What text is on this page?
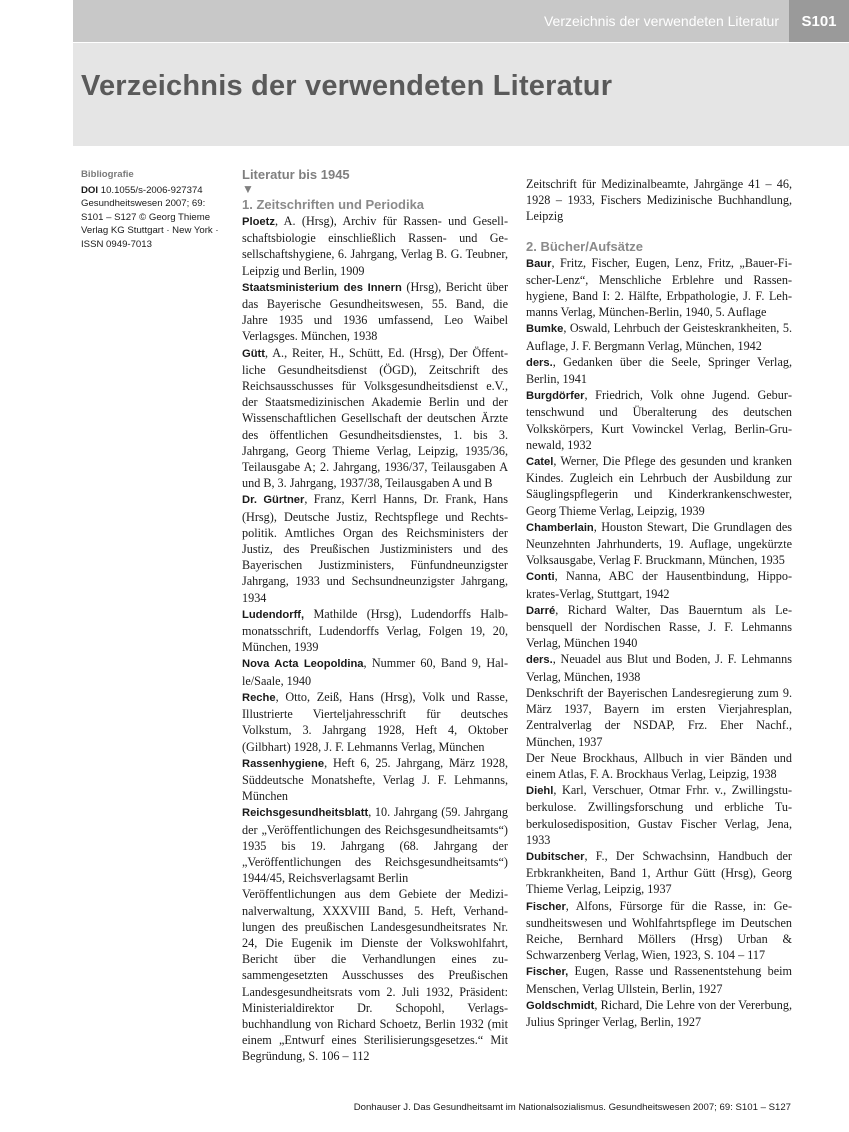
Verzeichnis der verwendeten Literatur	S101
Verzeichnis der verwendeten Literatur
Bibliografie
DOI 10.1055/s-2006-927374
Gesundheitswesen 2007; 69:
S101 – S127 © Georg Thieme
Verlag KG Stuttgart · New York ·
ISSN 0949-7013
Literatur bis 1945
▼
1. Zeitschriften und Periodika

Ploetz, A. (Hrsg), Archiv für Rassen- und Gesellschaftsbiologie einschließlich Rassen- und Gesellschaftshygiene, 6. Jahrgang, Verlag B. G. Teubner, Leipzig und Berlin, 1909

Staatsministerium des Innern (Hrsg), Bericht über das Bayerische Gesundheitswesen, 55. Band, die Jahre 1935 und 1936 umfassend, Leo Waibel Verlagsges. München, 1938

Gütt, A., Reiter, H., Schütt, Ed. (Hrsg), Der Öffentliche Gesundheitsdienst (ÖGD), Zeitschrift des Reichsausschusses für Volksgesundheitsdienst e.V., der Staatsmedizinischen Akademie Berlin und der Wissenschaftlichen Gesellschaft der deutschen Ärzte des öffentlichen Gesundheitsdienstes, 1. bis 3. Jahrgang, Georg Thieme Verlag, Leipzig, 1935/36, Teilausgabe A; 2. Jahrgang, 1936/37, Teilausgaben A und B, 3. Jahrgang, 1937/38, Teilausgaben A und B

Dr. Gürtner, Franz, Kerrl Hanns, Dr. Frank, Hans (Hrsg), Deutsche Justiz, Rechtspflege und Rechtspolitik. Amtliches Organ des Reichsministers der Justiz, des Preußischen Justizministers und des Bayerischen Justizministers, Fünfundneunzigster Jahrgang, 1933 und Sechsundneunzigster Jahrgang, 1934

Ludendorff, Mathilde (Hrsg), Ludendorffs Halbmonatsschrift, Ludendorffs Verlag, Folgen 19, 20, München, 1939

Nova Acta Leopoldina, Nummer 60, Band 9, Halle/Saale, 1940

Reche, Otto, Zeiß, Hans (Hrsg), Volk und Rasse, Illustrierte Vierteljahresschrift für deutsches Volkstum, 3. Jahrgang 1928, Heft 4, Oktober (Gilbhart) 1928, J. F. Lehmanns Verlag, München

Rassenhygiene, Heft 6, 25. Jahrgang, März 1928, Süddeutsche Monatshefte, Verlag J. F. Lehmanns, München

Reichsgesundheitsblatt, 10. Jahrgang (59. Jahrgang der „Veröffentlichungen des Reichsgesundheitsamts“) 1935 bis 19. Jahrgang (68. Jahrgang der „Veröffentlichungen des Reichsgesundheitsamts“) 1944/45, Reichsverlagsamt Berlin

Veröffentlichungen aus dem Gebiete der Medizinalverwaltung, XXXVIII Band, 5. Heft, Verhandlungen des preußischen Landesgesundheitsrates Nr. 24, Die Eugenik im Dienste der Volkswohlfahrt, Bericht über die Verhandlungen eines zusammengesetzten Ausschusses des Preußischen Landesgesundheitsrats vom 2. Juli 1932, Präsident: Ministerialdirektor Dr. Schopohl, Verlagsbuchhandlung von Richard Schoetz, Berlin 1932 (mit einem „Entwurf eines Sterilisierungsgesetzes.“ Mit Begründung, S. 106 – 112

Zeitschrift für Medizinalbeamte, Jahrgänge 41 – 46, 1928 – 1933, Fischers Medizinische Buchhandlung, Leipzig

2. Bücher/Aufsätze

Baur, Fritz, Fischer, Eugen, Lenz, Fritz, „Bauer-Fischer-Lenz“, Menschliche Erblehre und Rassenhygiene, Band I: 2. Hälfte, Erbpathologie, J. F. Lehmanns Verlag, München-Berlin, 1940, 5. Auflage

Bumke, Oswald, Lehrbuch der Geisteskrankheiten, 5. Auflage, J. F. Bergmann Verlag, München, 1942

ders., Gedanken über die Seele, Springer Verlag, Berlin, 1941

Burgdörfer, Friedrich, Volk ohne Jugend. Geburtenschwund und Überalterung des deutschen Volkskörpers, Kurt Vowinckel Verlag, Berlin-Grunewald, 1932

Catel, Werner, Die Pflege des gesunden und kranken Kindes. Zugleich ein Lehrbuch der Ausbildung zur Säuglingspflegerin und Kinderkrankenschwester, Georg Thieme Verlag, Leipzig, 1939

Chamberlain, Houston Stewart, Die Grundlagen des Neunzehnten Jahrhunderts, 19. Auflage, ungekürzte Volksausgabe, Verlag F. Bruckmann, München, 1935

Conti, Nanna, ABC der Hausentbindung, Hippokrates-Verlag, Stuttgart, 1942

Darré, Richard Walter, Das Bauerntum als Lebensquell der Nordischen Rasse, J. F. Lehmanns Verlag, München 1940

ders., Neuadel aus Blut und Boden, J. F. Lehmanns Verlag, München, 1938

Denkschrift der Bayerischen Landesregierung zum 9. März 1937, Bayern im ersten Vierjahresplan, Zentralverlag der NSDAP, Frz. Eher Nachf., München, 1937

Der Neue Brockhaus, Allbuch in vier Bänden und einem Atlas, F. A. Brockhaus Verlag, Leipzig, 1938

Diehl, Karl, Verschuer, Otmar Frhr. v., Zwillingstuberkulose. Zwillingsforschung und erbliche Tuberkulosedisposition, Gustav Fischer Verlag, Jena, 1933

Dubitscher, F., Der Schwachsinn, Handbuch der Erbkrankheiten, Band 1, Arthur Gütt (Hrsg), Georg Thieme Verlag, Leipzig, 1937

Fischer, Alfons, Fürsorge für die Rasse, in: Gesundheitswesen und Wohlfahrtspflege im Deutschen Reiche, Bernhard Möllers (Hrsg) Urban & Schwarzenberg Verlag, Wien, 1923, S. 104 – 117

Fischer, Eugen, Rasse und Rassenentstehung beim Menschen, Verlag Ullstein, Berlin, 1927

Goldschmidt, Richard, Die Lehre von der Vererbung, Julius Springer Verlag, Berlin, 1927

Donhauser J. Das Gesundheitsamt im Nationalsozialismus. Gesundheitswesen 2007; 69: S101 – S127
